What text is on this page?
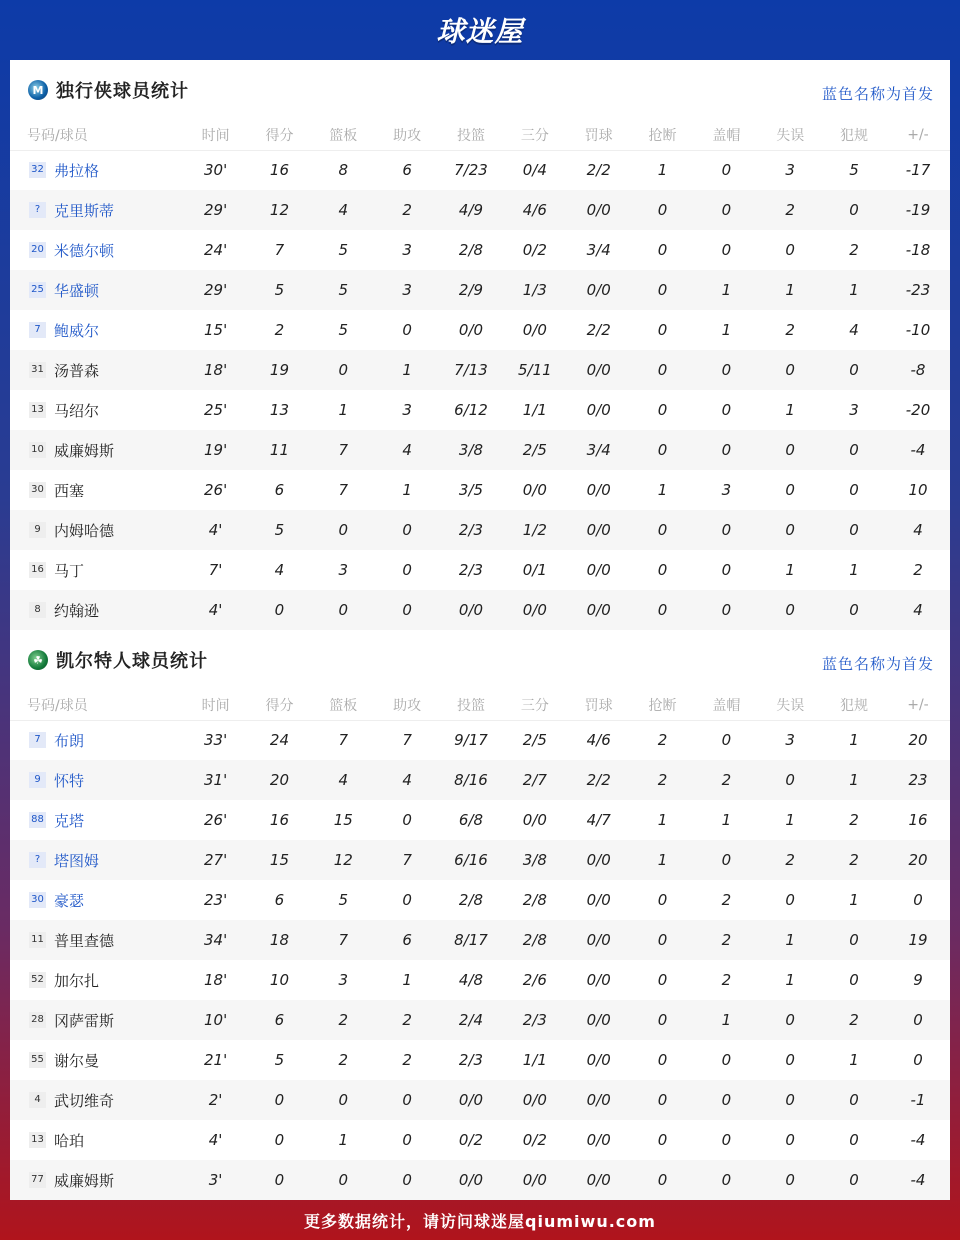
球迷屋
M 独行侠球员统计	蓝色名称为首发
号码/球员	时间	得分	篮板	助攻	投篮	三分	罚球	抢断	盖帽	失误	犯规	+/-
32 弗拉格	30'	16	8	6	7/23	0/4	2/2	1	0	3	5	-17
? 克里斯蒂	29'	12	4	2	4/9	4/6	0/0	0	0	2	0	-19
20 米德尔顿	24'	7	5	3	2/8	0/2	3/4	0	0	0	2	-18
25 华盛顿	29'	5	5	3	2/9	1/3	0/0	0	1	1	1	-23
7 鲍威尔	15'	2	5	0	0/0	0/0	2/2	0	1	2	4	-10
31 汤普森	18'	19	0	1	7/13	5/11	0/0	0	0	0	0	-8
13 马绍尔	25'	13	1	3	6/12	1/1	0/0	0	0	1	3	-20
10 威廉姆斯	19'	11	7	4	3/8	2/5	3/4	0	0	0	0	-4
30 西塞	26'	6	7	1	3/5	0/0	0/0	1	3	0	0	10
9 内姆哈德	4'	5	0	0	2/3	1/2	0/0	0	0	0	0	4
16 马丁	7'	4	3	0	2/3	0/1	0/0	0	0	1	1	2
8 约翰逊	4'	0	0	0	0/0	0/0	0/0	0	0	0	0	4
☘ 凯尔特人球员统计	蓝色名称为首发
号码/球员	时间	得分	篮板	助攻	投篮	三分	罚球	抢断	盖帽	失误	犯规	+/-
7 布朗	33'	24	7	7	9/17	2/5	4/6	2	0	3	1	20
9 怀特	31'	20	4	4	8/16	2/7	2/2	2	2	0	1	23
88 克塔	26'	16	15	0	6/8	0/0	4/7	1	1	1	2	16
? 塔图姆	27'	15	12	7	6/16	3/8	0/0	1	0	2	2	20
30 豪瑟	23'	6	5	0	2/8	2/8	0/0	0	2	0	1	0
11 普里查德	34'	18	7	6	8/17	2/8	0/0	0	2	1	0	19
52 加尔扎	18'	10	3	1	4/8	2/6	0/0	0	2	1	0	9
28 冈萨雷斯	10'	6	2	2	2/4	2/3	0/0	0	1	0	2	0
55 谢尔曼	21'	5	2	2	2/3	1/1	0/0	0	0	0	1	0
4 武切维奇	2'	0	0	0	0/0	0/0	0/0	0	0	0	0	-1
13 哈珀	4'	0	1	0	0/2	0/2	0/0	0	0	0	0	-4
77 威廉姆斯	3'	0	0	0	0/0	0/0	0/0	0	0	0	0	-4
更多数据统计，请访问球迷屋qiumiwu.com
